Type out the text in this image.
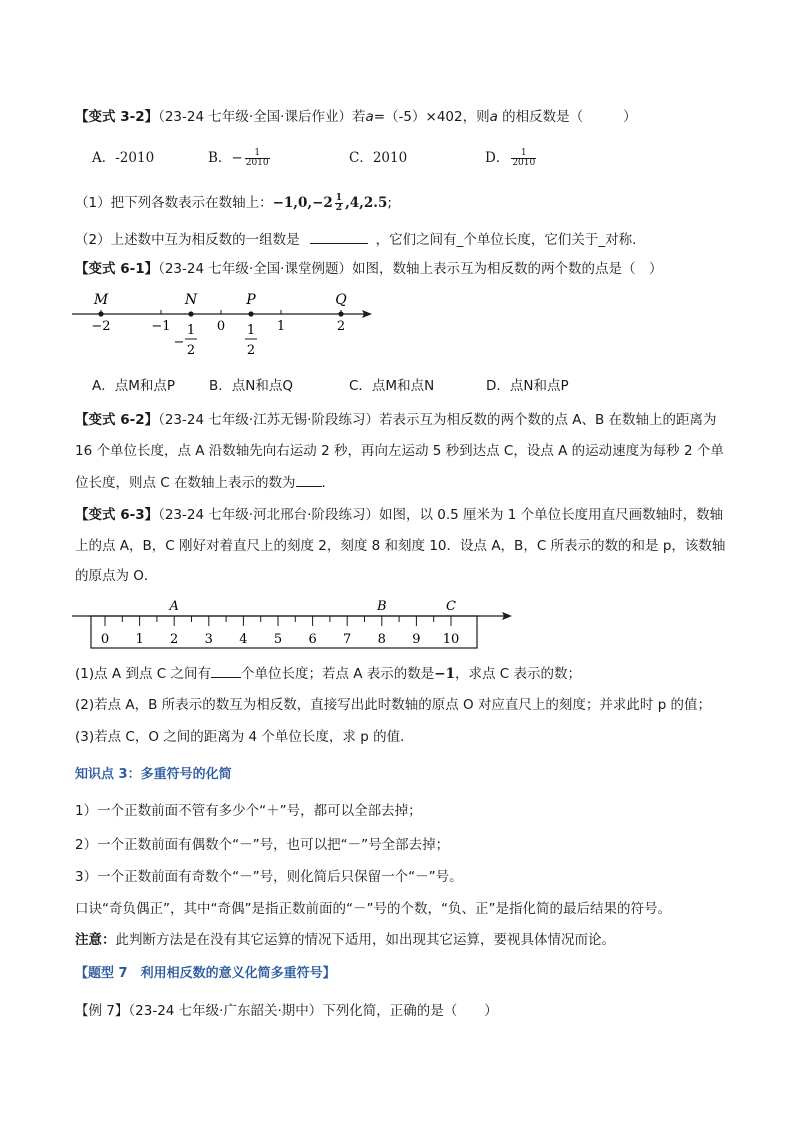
【变式 3-2】（23-24 七年级·全国·课后作业）若a=（-5）×402，则a 的相反数是（	）
A．-2010	B．− $\frac{1}{2010}$	C．2010	D． $\frac{1}{2010}$
（1）把下列各数表示在数轴上：$-1,0,-2 \frac{1}{2} ,4,2.5$;
（2）上述数中互为相反数的一组数是	，它们之间有_个单位长度，它们关于_对称．
【变式 6-1】（23-24 七年级·全国·课堂例题）如图，数轴上表示互为相反数的两个数的点是（　）
−2	−1	0	1	2
M	N	P	Q
−
1
2
1
2
A．点M和点P	B．点N和点Q	C．点M和点N	D．点N和点P
【变式 6-2】（23-24 七年级·江苏无锡·阶段练习）若表示互为相反数的两个数的点 A、B 在数轴上的距离为
16 个单位长度，点 A 沿数轴先向右运动 2 秒，再向左运动 5 秒到达点 C，设点 A 的运动速度为每秒 2 个单
位长度，则点 C 在数轴上表示的数为 .
【变式 6-3】（23-24 七年级·河北邢台·阶段练习）如图，以 0.5 厘米为 1 个单位长度用直尺画数轴时，数轴
上的点 A，B，C 刚好对着直尺上的刻度 2，刻度 8 和刻度 10．设点 A，B，C 所表示的数的和是 p，该数轴
的原点为 O．
0 1 2 3 4 5 6 7 8 9 10
A	B	C
(1)点 A 到点 C 之间有 个单位长度；若点 A 表示的数是−1，求点 C 表示的数；
(2)若点 A，B 所表示的数互为相反数，直接写出此时数轴的原点 O 对应直尺上的刻度；并求此时 p 的值；
(3)若点 C，O 之间的距离为 4 个单位长度，求 p 的值．
知识点 3：多重符号的化简
1）一个正数前面不管有多少个“＋”号，都可以全部去掉；
2）一个正数前面有偶数个“－”号，也可以把“－”号全部去掉；
3）一个正数前面有奇数个“－”号，则化简后只保留一个“－”号。
口诀“奇负偶正”，其中“奇偶”是指正数前面的“－”号的个数，“负、正”是指化简的最后结果的符号。
注意：此判断方法是在没有其它运算的情况下适用，如出现其它运算，要视具体情况而论。
【题型 7　利用相反数的意义化简多重符号】
【例 7】（23-24 七年级·广东韶关·期中）下列化简，正确的是（　　）
